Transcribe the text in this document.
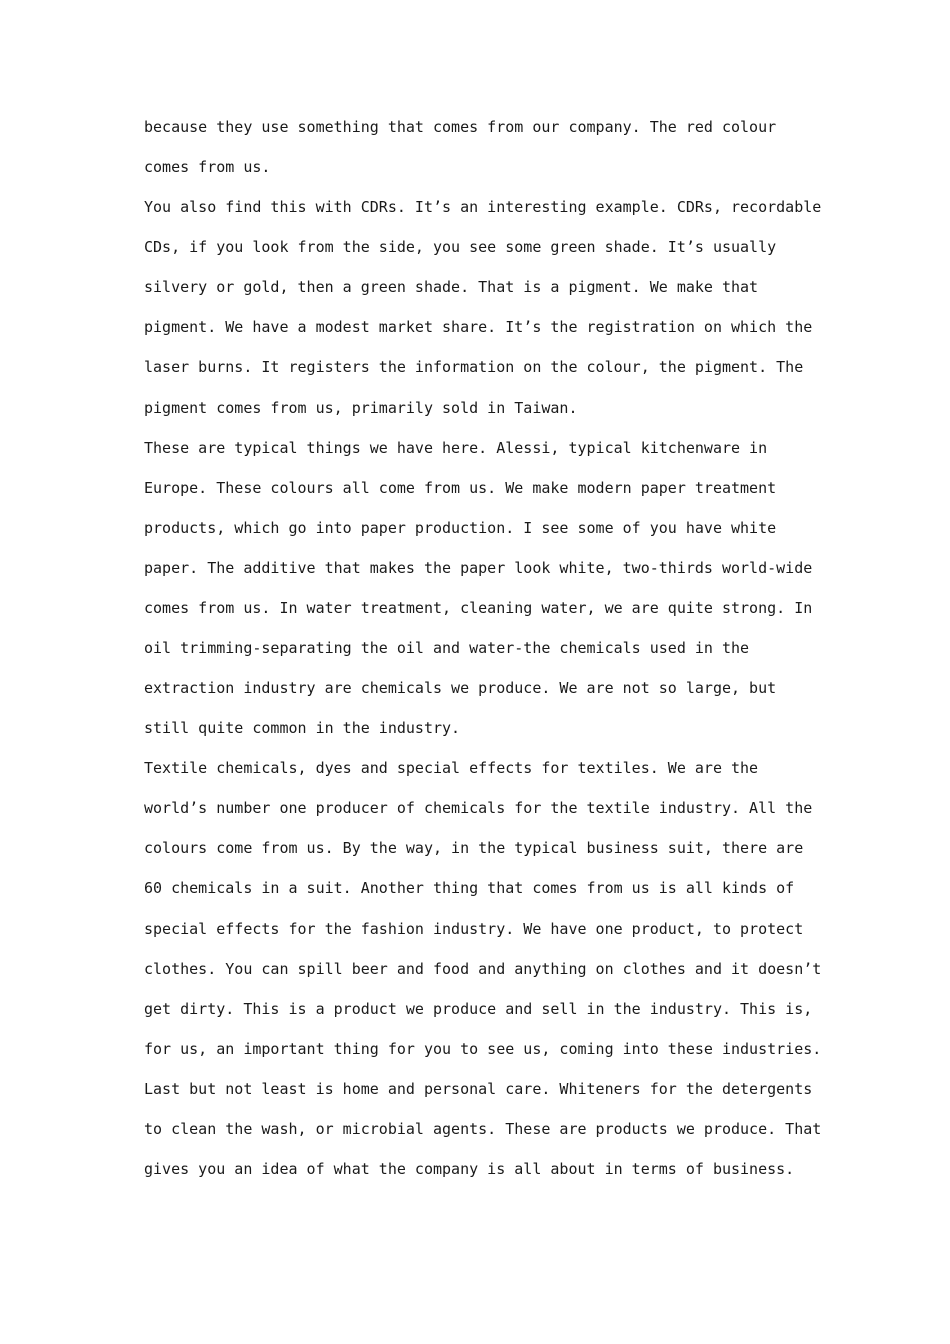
because they use something that comes from our company. The red colour
comes from us.

You also find this with CDRs. It’s an interesting example. CDRs, recordable
CDs, if you look from the side, you see some green shade. It’s usually
silvery or gold, then a green shade. That is a pigment. We make that
pigment. We have a modest market share. It’s the registration on which the
laser burns. It registers the information on the colour, the pigment. The
pigment comes from us, primarily sold in Taiwan.

These are typical things we have here. Alessi, typical kitchenware in
Europe. These colours all come from us. We make modern paper treatment
products, which go into paper production. I see some of you have white
paper. The additive that makes the paper look white, two-thirds world-wide
comes from us. In water treatment, cleaning water, we are quite strong. In
oil trimming-separating the oil and water-the chemicals used in the
extraction industry are chemicals we produce. We are not so large, but
still quite common in the industry.

Textile chemicals, dyes and special effects for textiles. We are the
world’s number one producer of chemicals for the textile industry. All the
colours come from us. By the way, in the typical business suit, there are
60 chemicals in a suit. Another thing that comes from us is all kinds of
special effects for the fashion industry. We have one product, to protect
clothes. You can spill beer and food and anything on clothes and it doesn’t
get dirty. This is a product we produce and sell in the industry. This is,
for us, an important thing for you to see us, coming into these industries.

Last but not least is home and personal care. Whiteners for the detergents
to clean the wash, or microbial agents. These are products we produce. That
gives you an idea of what the company is all about in terms of business.
